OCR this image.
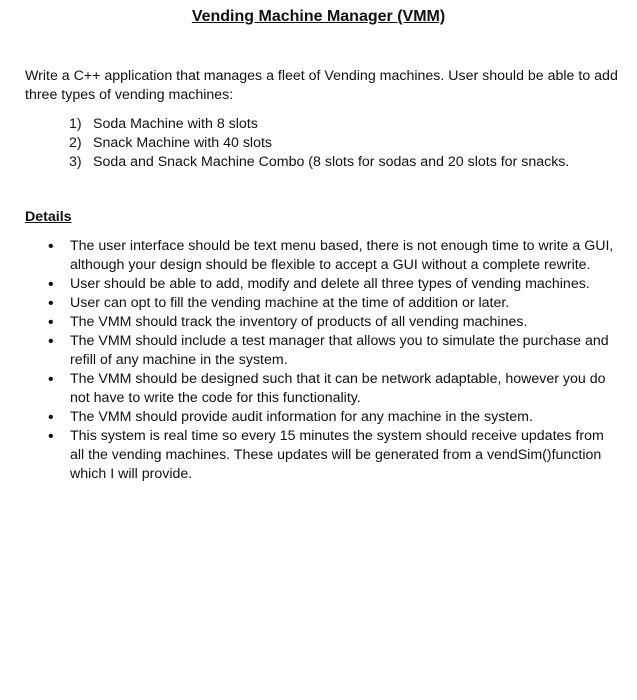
Vending Machine Manager (VMM)

Write a C++ application that manages a fleet of Vending machines. User should be able to add three types of vending machines:

1) Soda Machine with 8 slots
2) Snack Machine with 40 slots
3) Soda and Snack Machine Combo (8 slots for sodas and 20 slots for snacks.
Details
•	The user interface should be text menu based, there is not enough time to write a GUI, although your design should be flexible to accept a GUI without a complete rewrite.
•	User should be able to add, modify and delete all three types of vending machines.
•	User can opt to fill the vending machine at the time of addition or later.
•	The VMM should track the inventory of products of all vending machines.
•	The VMM should include a test manager that allows you to simulate the purchase and refill of any machine in the system.
•	The VMM should be designed such that it can be network adaptable, however you do not have to write the code for this functionality.
•	The VMM should provide audit information for any machine in the system.
•	This system is real time so every 15 minutes the system should receive updates from all the vending machines. These updates will be generated from a vendSim()function which I will provide.
